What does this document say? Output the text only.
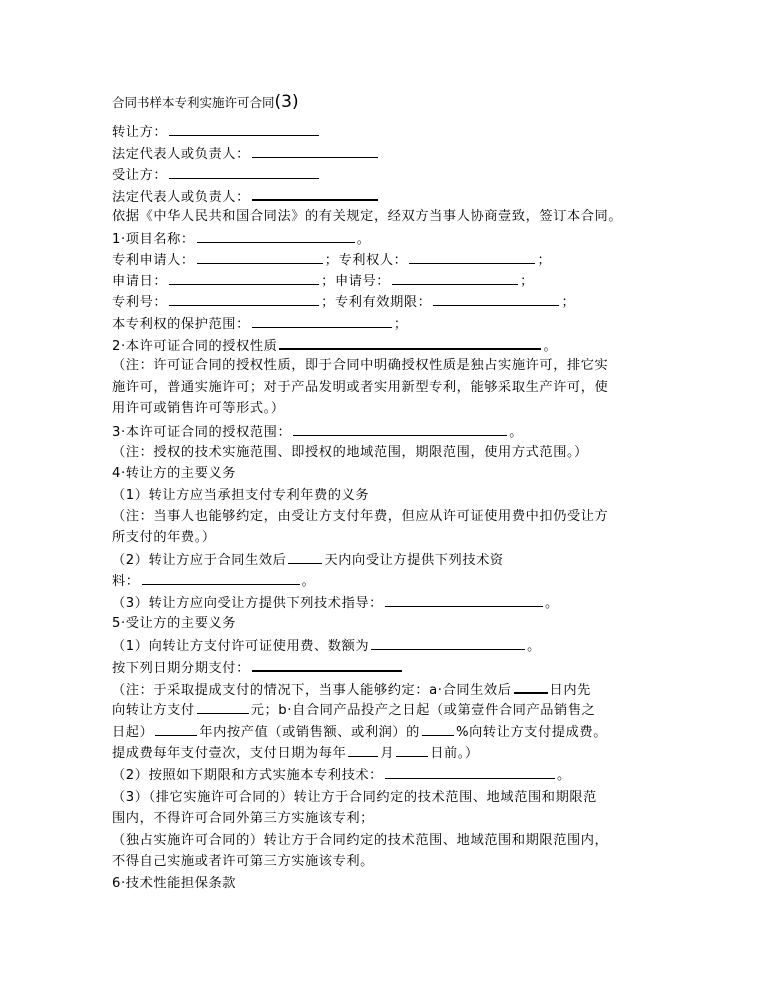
合同书样本专利实施许可合同(3)
转让方：
法定代表人或负责人：
受让方：
法定代表人或负责人：
依据《中华人民共和国合同法》的有关规定，经双方当事人协商壹致，签订本合同。
1·项目名称：	。
专利申请人：	；专利权人：	；
申请日：	；申请号：	；
专利号：	；专利有效期限：	；
本专利权的保护范围：	；
2·本许可证合同的授权性质	。
（注：许可证合同的授权性质，即于合同中明确授权性质是独占实施许可，排它实
施许可，普通实施许可；对于产品发明或者实用新型专利，能够采取生产许可，使
用许可或销售许可等形式。）
3·本许可证合同的授权范围：	。
（注：授权的技术实施范围、即授权的地域范围，期限范围，使用方式范围。）
4·转让方的主要义务
（1）转让方应当承担支付专利年费的义务
（注：当事人也能够约定，由受让方支付年费，但应从许可证使用费中扣仍受让方
所支付的年费。）
（2）转让方应于合同生效后	天内向受让方提供下列技术资
料：	。
（3）转让方应向受让方提供下列技术指导：	。
5·受让方的主要义务
（1）向转让方支付许可证使用费、数额为	。
按下列日期分期支付：
（注：于采取提成支付的情况下，当事人能够约定：a·合同生效后	日内先
向转让方支付	元；b·自合同产品投产之日起（或第壹件合同产品销售之
日起）	年内按产值（或销售额、或利润）的	%向转让方支付提成费。
提成费每年支付壹次，支付日期为每年	月	日前。）
（2）按照如下期限和方式实施本专利技术：	。
（3）（排它实施许可合同的）转让方于合同约定的技术范围、地域范围和期限范
围内，不得许可合同外第三方实施该专利；
（独占实施许可合同的）转让方于合同约定的技术范围、地域范围和期限范围内，
不得自己实施或者许可第三方实施该专利。
6·技术性能担保条款
